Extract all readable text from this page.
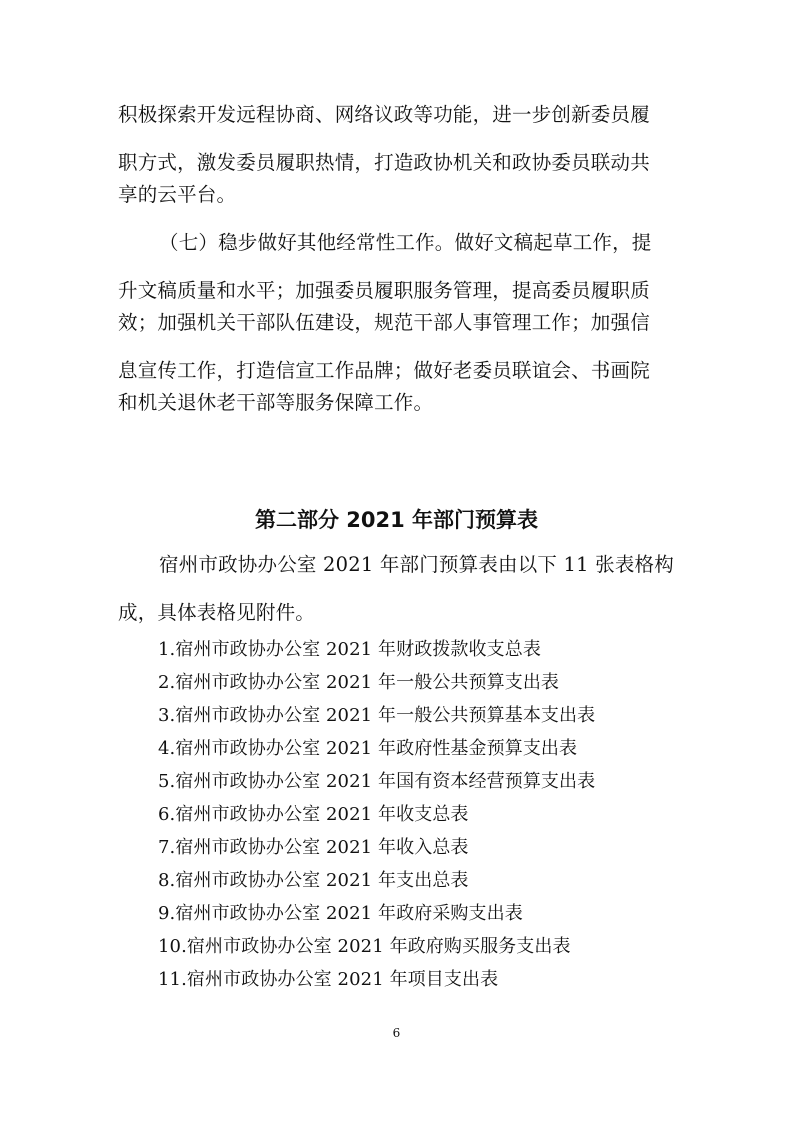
积极探索开发远程协商、网络议政等功能，进一步创新委员履
职方式，激发委员履职热情，打造政协机关和政协委员联动共
享的云平台。
（七）稳步做好其他经常性工作。做好文稿起草工作，提
升文稿质量和水平；加强委员履职服务管理，提高委员履职质
效；加强机关干部队伍建设，规范干部人事管理工作；加强信
息宣传工作，打造信宣工作品牌；做好老委员联谊会、书画院
和机关退休老干部等服务保障工作。
第二部分 2021 年部门预算表
宿州市政协办公室 2021 年部门预算表由以下 11 张表格构
成，具体表格见附件。
1.宿州市政协办公室 2021 年财政拨款收支总表
2.宿州市政协办公室 2021 年一般公共预算支出表
3.宿州市政协办公室 2021 年一般公共预算基本支出表
4.宿州市政协办公室 2021 年政府性基金预算支出表
5.宿州市政协办公室 2021 年国有资本经营预算支出表
6.宿州市政协办公室 2021 年收支总表
7.宿州市政协办公室 2021 年收入总表
8.宿州市政协办公室 2021 年支出总表
9.宿州市政协办公室 2021 年政府采购支出表
10.宿州市政协办公室 2021 年政府购买服务支出表
11.宿州市政协办公室 2021 年项目支出表
6
